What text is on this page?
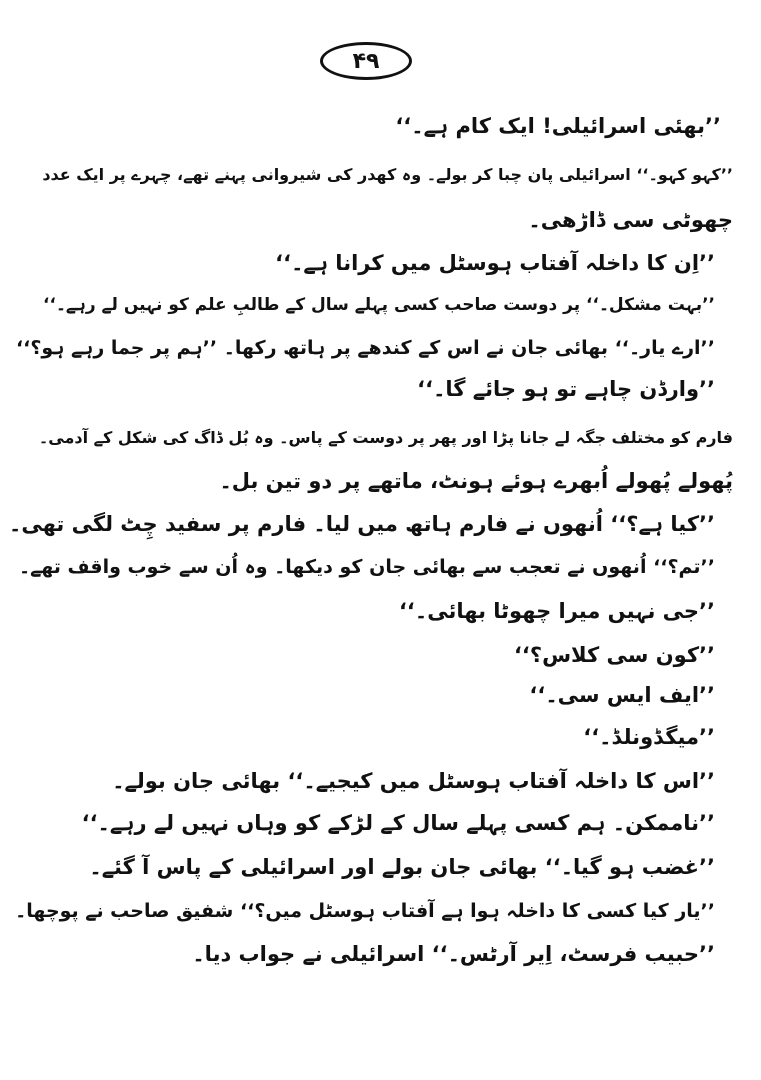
۴۹
’’بھئی اسرائیلی! ایک کام ہے۔‘‘
’’کہو کہو۔‘‘ اسرائیلی پان چبا کر بولے۔ وہ کھدر کی شیروانی پہنے تھے، چہرے پر ایک عدد
چھوٹی سی ڈاڑھی۔
’’اِن کا داخلہ آفتاب ہوسٹل میں کرانا ہے۔‘‘
’’بہت مشکل۔‘‘ پر دوست صاحب کسی پہلے سال کے طالبِ علم کو نہیں لے رہے۔‘‘
’’ارے یار۔‘‘ بھائی جان نے اس کے کندھے پر ہاتھ رکھا۔ ’’ہم پر جما رہے ہو؟‘‘
’’وارڈن چاہے تو ہو جائے گا۔‘‘
فارم کو مختلف جگہ لے جانا پڑا اور پھر پر دوست کے پاس۔ وہ بُل ڈاگ کی شکل کے آدمی۔
پُھولے پُھولے اُبھرے ہوئے ہونٹ، ماتھے پر دو تین بل۔
’’کیا ہے؟‘‘ اُنھوں نے فارم ہاتھ میں لیا۔ فارم پر سفید چِٹ لگی تھی۔
’’تم؟‘‘ اُنھوں نے تعجب سے بھائی جان کو دیکھا۔ وہ اُن سے خوب واقف تھے۔
’’جی نہیں میرا چھوٹا بھائی۔‘‘
’’کون سی کلاس؟‘‘
’’ایف ایس سی۔‘‘
’’میگڈونلڈ۔‘‘
’’اس کا داخلہ آفتاب ہوسٹل میں کیجیے۔‘‘ بھائی جان بولے۔
’’ناممکن۔ ہم کسی پہلے سال کے لڑکے کو وہاں نہیں لے رہے۔‘‘
’’غضب ہو گیا۔‘‘ بھائی جان بولے اور اسرائیلی کے پاس آ گئے۔
’’یار کیا کسی کا داخلہ ہوا ہے آفتاب ہوسٹل میں؟‘‘ شفیق صاحب نے پوچھا۔
’’حبیب فرسٹ، اِیر آرٹس۔‘‘ اسرائیلی نے جواب دیا۔
